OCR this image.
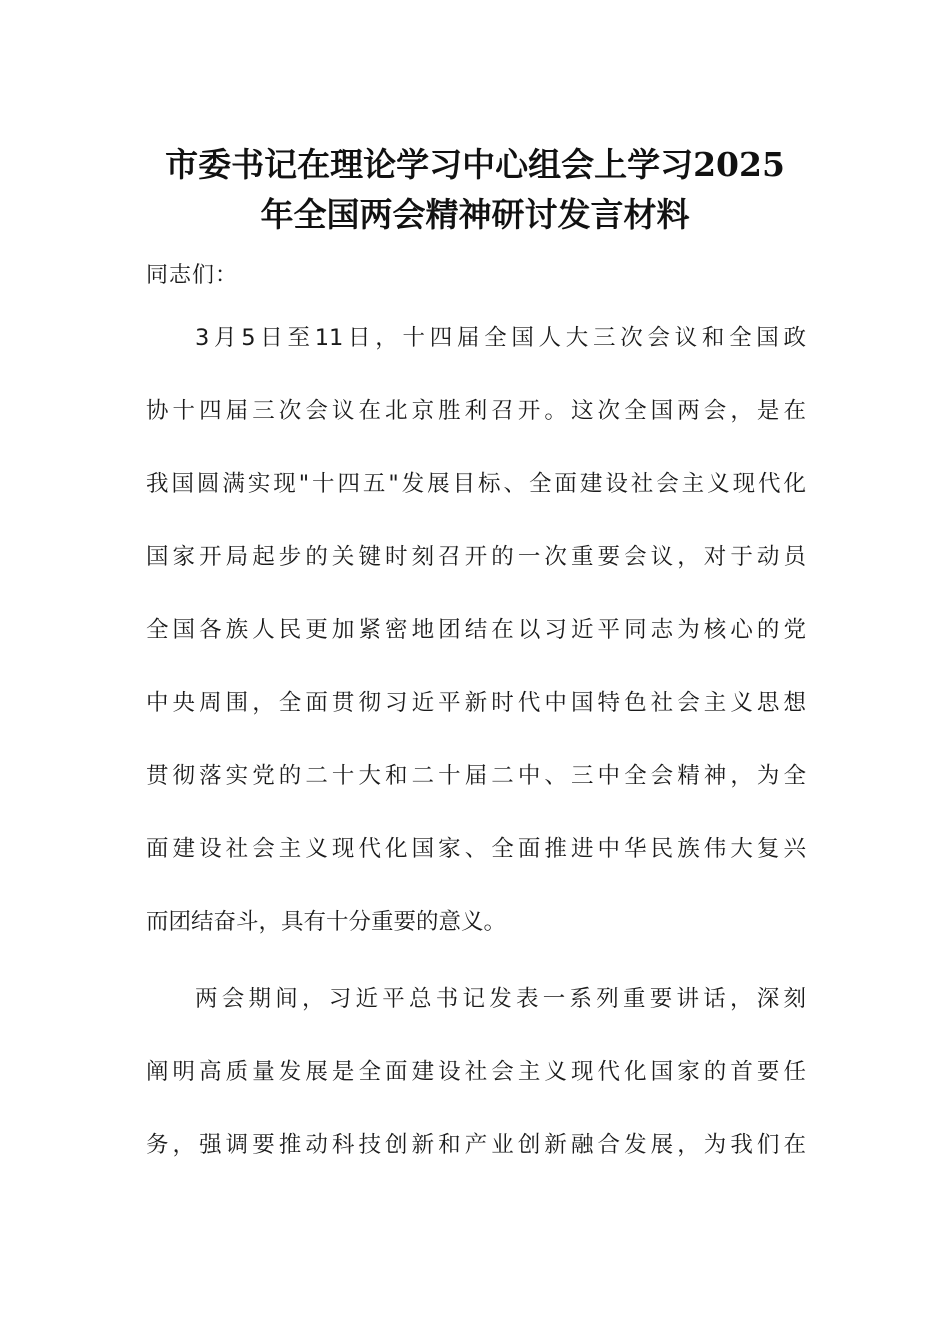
市委书记在理论学习中心组会上学习2025
年全国两会精神研讨发言材料

同志们：

3月5日至11日，十四届全国人大三次会议和全国政
协十四届三次会议在北京胜利召开。这次全国两会，是在
我国圆满实现"十四五"发展目标、全面建设社会主义现代化
国家开局起步的关键时刻召开的一次重要会议，对于动员
全国各族人民更加紧密地团结在以习近平同志为核心的党
中央周围，全面贯彻习近平新时代中国特色社会主义思想
贯彻落实党的二十大和二十届二中、三中全会精神，为全
面建设社会主义现代化国家、全面推进中华民族伟大复兴
而团结奋斗，具有十分重要的意义。
两会期间，习近平总书记发表一系列重要讲话，深刻
阐明高质量发展是全面建设社会主义现代化国家的首要任
务，强调要推动科技创新和产业创新融合发展，为我们在
